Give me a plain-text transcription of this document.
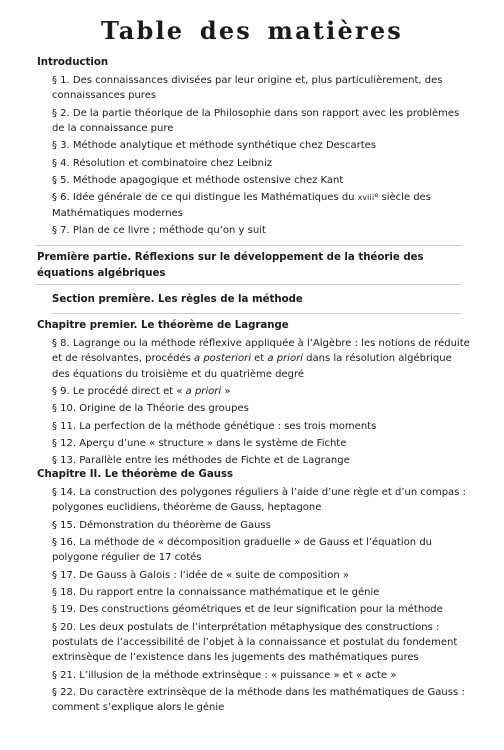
Table des matières
Introduction
§ 1. Des connaissances divisées par leur origine et, plus particulièrement, des connaissances pures
§ 2. De la partie théorique de la Philosophie dans son rapport avec les problèmes de la connaissance pure
§ 3. Méthode analytique et méthode synthétique chez Descartes
§ 4. Résolution et combinatoire chez Leibniz
§ 5. Méthode apagogique et méthode ostensive chez Kant
§ 6. Idée générale de ce qui distingue les Mathématiques du xviii$^e$ siècle des Mathématiques modernes
§ 7. Plan de ce livre ; méthode qu’on y suit
Première partie. Réflexions sur le développement de la théorie des équations algébriques
Section première. Les règles de la méthode
Chapitre premier. Le théorème de Lagrange
§ 8. Lagrange ou la méthode réflexive appliquée à l’Algèbre : les notions de réduite et de résolvantes, procédés a posteriori et a priori dans la résolution algébrique des équations du troisième et du quatrième degré
§ 9. Le procédé direct et « a priori »
§ 10. Origine de la Théorie des groupes
§ 11. La perfection de la méthode génétique : ses trois moments
§ 12. Aperçu d’une « structure » dans le système de Fichte
§ 13. Parallèle entre les méthodes de Fichte et de Lagrange
Chapitre II. Le théorème de Gauss
§ 14. La construction des polygones réguliers à l’aide d’une règle et d’un compas : polygones euclidiens, théorème de Gauss, heptagone
§ 15. Démonstration du théorème de Gauss
§ 16. La méthode de « décomposition graduelle » de Gauss et l’équation du polygone régulier de 17 cotés
§ 17. De Gauss à Galois : l’idée de « suite de composition »
§ 18. Du rapport entre la connaissance mathématique et le génie
§ 19. Des constructions géométriques et de leur signification pour la méthode
§ 20. Les deux postulats de l’interprétation métaphysique des constructions : postulats de l’accessibilité de l’objet à la connaissance et postulat du fondement extrinsèque de l’existence dans les jugements des mathématiques pures
§ 21. L’illusion de la méthode extrinsèque : « puissance » et « acte »
§ 22. Du caractère extrinsèque de la méthode dans les mathématiques de Gauss : comment s’explique alors le génie
